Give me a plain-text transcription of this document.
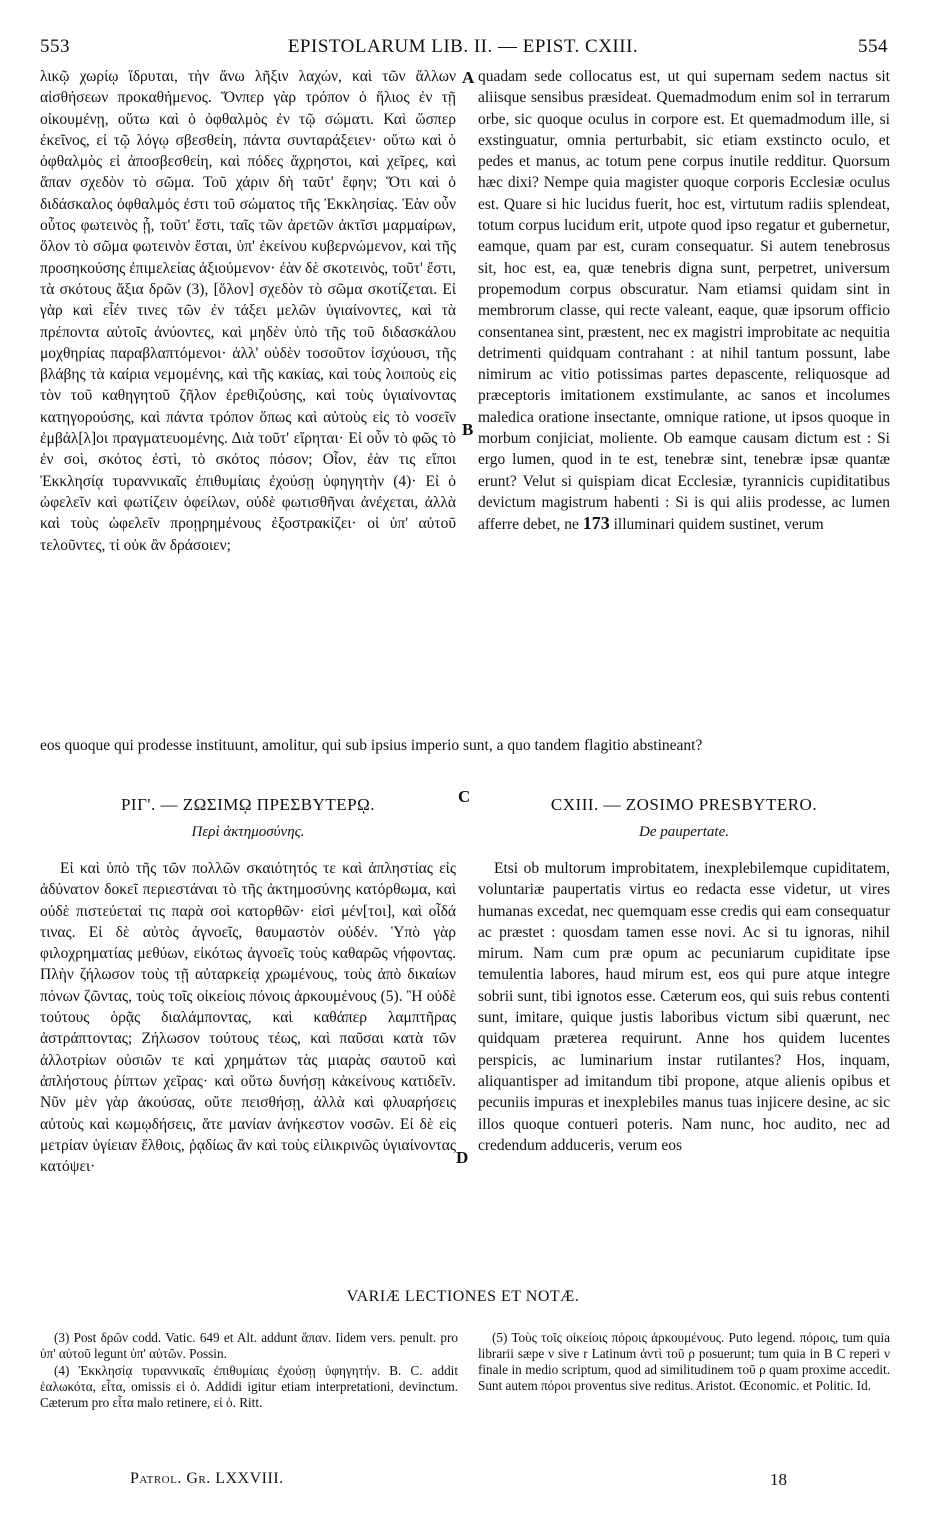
553	EPISTOLARUM LIB. II. — EPIST. CXIII.	554

λικῷ χωρίῳ ἵδρυται, τὴν ἄνω λῆξιν λαχών, καὶ τῶν ἄλλων αἰσθήσεων προκαθήμενος. Ὅνπερ γὰρ τρόπον ὁ ἥλιος ἐν τῇ οἰκουμένῃ, οὕτω καὶ ὁ ὀφθαλμὸς ἐν τῷ σώματι. Καὶ ὥσπερ ἐκεῖνος, εἰ τῷ λόγῳ σβεσθείη, πάντα συνταράξειεν· οὕτω καὶ ὁ ὀφθαλμὸς εἰ ἀποσβεσθείη, καὶ πόδες ἄχρηστοι, καὶ χεῖρες, καὶ ἅπαν σχεδὸν τὸ σῶμα. Τοῦ χάριν δὴ ταῦτ' ἔφην; Ὅτι καὶ ὁ διδάσκαλος ὀφθαλμός ἐστι τοῦ σώματος τῆς Ἐκκλησίας. Ἐὰν οὖν οὗτος φωτεινὸς ᾖ, τοῦτ' ἔστι, ταῖς τῶν ἀρετῶν ἀκτῖσι μαρμαίρων, ὅλον τὸ σῶμα φωτεινὸν ἔσται, ὑπ' ἐκείνου κυβερνώμενον, καὶ τῆς προσηκούσης ἐπιμελείας ἀξιούμενον· ἐὰν δὲ σκοτεινὸς, τοῦτ' ἔστι, τὰ σκότους ἄξια δρῶν (3), [ὅλον] σχεδὸν τὸ σῶμα σκοτίζεται. Εἰ γὰρ καὶ εἶέν τινες τῶν ἐν τάξει μελῶν ὑγιαίνοντες, καὶ τὰ πρέποντα αὐτοῖς ἀνύοντες, καὶ μηδὲν ὑπὸ τῆς τοῦ διδασκάλου μοχθηρίας παραβλαπτόμενοι· ἀλλ' οὐδὲν τοσοῦτον ἰσχύουσι, τῆς βλάβης τὰ καίρια νεμομένης, καὶ τῆς κακίας, καὶ τοὺς λοιποὺς εἰς τὸν τοῦ καθηγητοῦ ζῆλον ἐρεθιζούσης, καὶ τοὺς ὑγιαίνοντας κατηγορούσης, καὶ πάντα τρόπον ὅπως καὶ αὐτοὺς εἰς τὸ νοσεῖν ἐμβάλ[λ]οι πραγματευομένης. Διὰ τοῦτ' εἴρηται· Εἰ οὖν τὸ φῶς τὸ ἐν σοὶ, σκότος ἐστὶ, τὸ σκότος πόσον; Οἷον, ἐὰν τις εἴποι Ἐκκλησίᾳ τυραννικαῖς ἐπιθυμίαις ἐχούσῃ ὑφηγητὴν (4)· Εἰ ὁ ὠφελεῖν καὶ φωτίζειν ὀφείλων, οὐδὲ φωτισθῆναι ἀνέχεται, ἀλλὰ καὶ τοὺς ὠφελεῖν προῃρημένους ἐξοστρακίζει· οἱ ὑπ' αὐτοῦ τελοῦντες, τί οὐκ ἂν δράσοιεν;

A
B

quadam sede collocatus est, ut qui supernam sedem nactus sit aliisque sensibus præsideat. Quemadmodum enim sol in terrarum orbe, sic quoque oculus in corpore est. Et quemadmodum ille, si exstinguatur, omnia perturbabit, sic etiam exstincto oculo, et pedes et manus, ac totum pene corpus inutile redditur. Quorsum hæc dixi? Nempe quia magister quoque corporis Ecclesiæ oculus est. Quare si hic lucidus fuerit, hoc est, virtutum radiis splendeat, totum corpus lucidum erit, utpote quod ipso regatur et gubernetur, eamque, quam par est, curam consequatur. Si autem tenebrosus sit, hoc est, ea, quæ tenebris digna sunt, perpetret, universum propemodum corpus obscuratur. Nam etiamsi quidam sint in membrorum classe, qui recte valeant, eaque, quæ ipsorum officio consentanea sint, præstent, nec ex magistri improbitate ac nequitia detrimenti quidquam contrahant : at nihil tantum possunt, labe nimirum ac vitio potissimas partes depascente, reliquosque ad præceptoris imitationem exstimulante, ac sanos et incolumes maledica oratione insectante, omnique ratione, ut ipsos quoque in morbum conjiciat, moliente. Ob eamque causam dictum est : Si ergo lumen, quod in te est, tenebræ sint, tenebræ ipsæ quantæ erunt? Velut si quispiam dicat Ecclesiæ, tyrannicis cupiditatibus devictum magistrum habenti : Si is qui aliis prodesse, ac lumen afferre debet, ne 173 illuminari quidem sustinet, verum

eos quoque qui prodesse instituunt, amolitur, qui sub ipsius imperio sunt, a quo tandem flagitio abstineant?

ΡΙΓ'. — ΖΩΣΙΜῼ ΠΡΕΣΒΥΤΕΡῼ.
Περὶ ἀκτημοσύνης.
C	CXIII. — ZOSIMO PRESBYTERO.
De paupertate.

Εἰ καὶ ὑπὸ τῆς τῶν πολλῶν σκαιότητός τε καὶ ἀπληστίας εἰς ἀδύνατον δοκεῖ περιεστάναι τὸ τῆς ἀκτημοσύνης κατόρθωμα, καὶ οὐδὲ πιστεύεταί τις παρὰ σοὶ κατορθῶν· εἰσὶ μέν[τοι], καὶ οἶδά τινας. Εἰ δὲ αὐτὸς ἀγνοεῖς, θαυμαστὸν οὐδέν. Ὑπὸ γὰρ φιλοχρηματίας μεθύων, εἰκότως ἀγνοεῖς τοὺς καθαρῶς νήφοντας. Πλὴν ζήλωσον τοὺς τῇ αὐταρκείᾳ χρωμένους, τοὺς ἀπὸ δικαίων πόνων ζῶντας, τοὺς τοῖς οἰκείοις πόνοις ἀρκουμένους (5). Ἢ οὐδὲ τούτους ὁρᾷς διαλάμποντας, καὶ καθάπερ λαμπτῆρας ἀστράπτοντας; Ζήλωσον τούτους τέως, καὶ παῦσαι κατὰ τῶν ἀλλοτρίων οὐσιῶν τε καὶ χρημάτων τὰς μιαρὰς σαυτοῦ καὶ ἀπλήστους ῥίπτων χεῖρας· καὶ οὕτω δυνήσῃ κἀκείνους κατιδεῖν. Νῦν μὲν γὰρ ἀκούσας, οὔτε πεισθήσῃ, ἀλλὰ καὶ φλυαρήσεις αὐτοὺς καὶ κωμῳδήσεις, ἅτε μανίαν ἀνήκεστον νοσῶν. Εἰ δὲ εἰς μετρίαν ὑγίειαν ἔλθοις, ῥᾳδίως ἂν καὶ τοὺς εἰλικρινῶς ὑγιαίνοντας κατόψει·	D

Etsi ob multorum improbitatem, inexplebilemque cupiditatem, voluntariæ paupertatis virtus eo redacta esse videtur, ut vires humanas excedat, nec quemquam esse credis qui eam consequatur ac præstet : quosdam tamen esse novi. Ac si tu ignoras, nihil mirum. Nam cum præ opum ac pecuniarum cupiditate ipse temulentia labores, haud mirum est, eos qui pure atque integre sobrii sunt, tibi ignotos esse. Cæterum eos, qui suis rebus contenti sunt, imitare, quique justis laboribus victum sibi quærunt, nec quidquam præterea requirunt. Anne hos quidem lucentes perspicis, ac luminarium instar rutilantes? Hos, inquam, aliquantisper ad imitandum tibi propone, atque alienis opibus et pecuniis impuras et inexplebiles manus tuas injicere desine, ac sic illos quoque contueri poteris. Nam nunc, hoc audito, nec ad credendum adduceris, verum eos

VARIÆ LECTIONES ET NOTÆ.

(3) Post δρῶν codd. Vatic. 649 et Alt. addunt ἅπαν. Iidem vers. penult. pro ὑπ' αὐτοῦ legunt ὑπ' αὐτῶν. Possin.

(4) Ἐκκλησίᾳ τυραννικαῖς ἐπιθυμίαις ἐχούσῃ ὑφηγητήν. B. C. addit ἑαλωκότα, εἶτα, omissis εἰ ὁ. Addidi igitur etiam interpretationi, devinctum. Cæterum pro εἶτα malo retinere, εἰ ὁ. Ritt.

(5) Τοὺς τοῖς οἰκείοις πόροις ἀρκουμένους. Puto legend. πόροις, tum quia librarii sæpe ν sive r Latinum ἀντὶ τοῦ ρ posuerunt; tum quia in B C reperi ν finale in medio scriptum, quod ad similitudinem τοῦ ρ quam proxime accedit. Sunt autem πόροι proventus sive reditus. Aristot. Œconomic. et Politic. Id.

Patrol. Gr. LXXVIII.	18
